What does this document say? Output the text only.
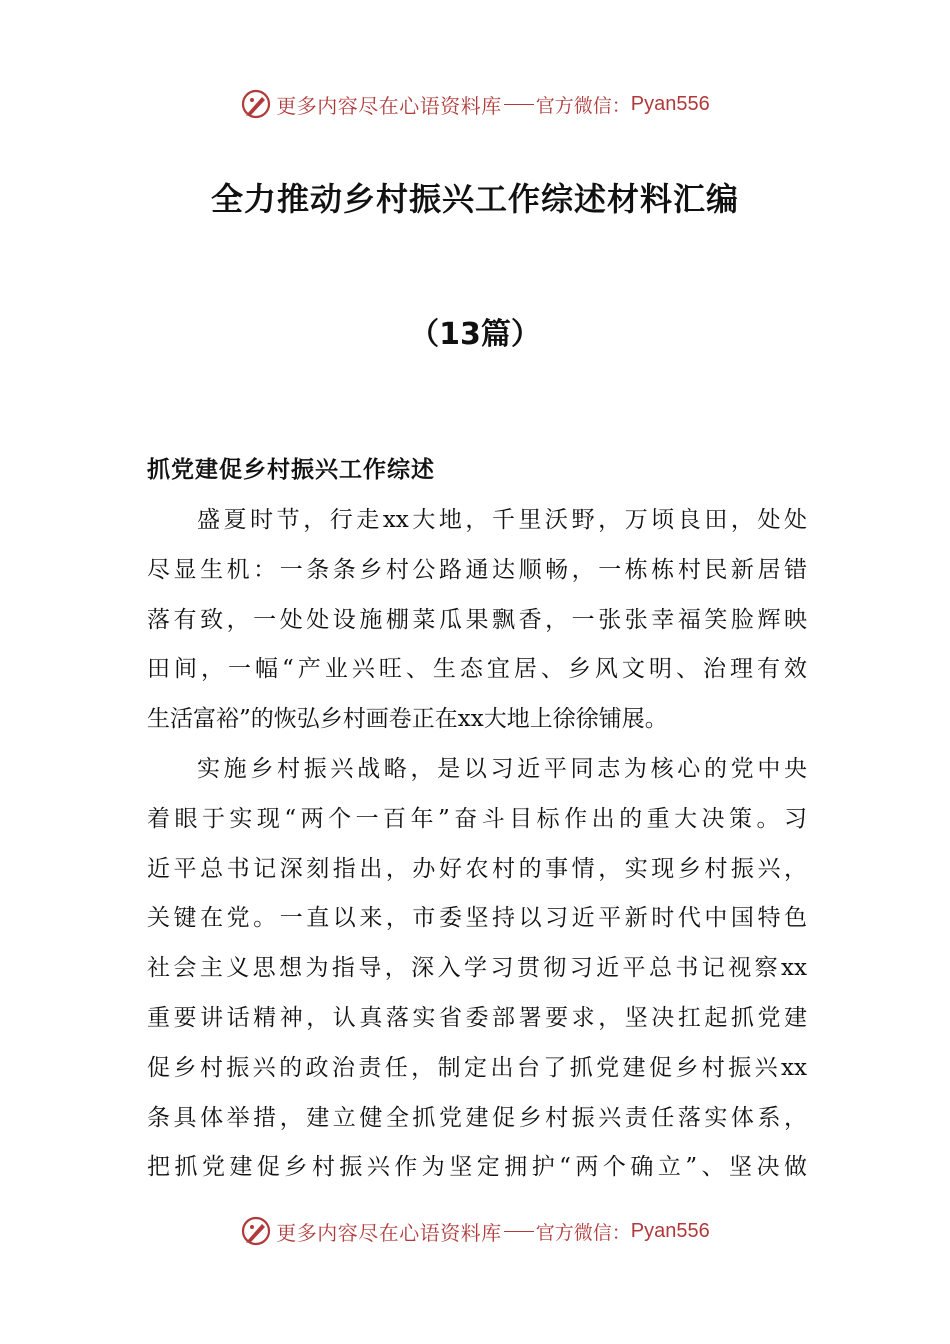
更多内容尽在心语资料库 官方微信： Pyan556
全力推动乡村振兴工作综述材料汇编
（13篇）
抓党建促乡村振兴工作综述
盛夏时节，行走xx大地，千里沃野，万顷良田，处处
尽显生机：一条条乡村公路通达顺畅，一栋栋村民新居错
落有致，一处处设施棚菜瓜果飘香，一张张幸福笑脸辉映
田间，一幅“产业兴旺、生态宜居、乡风文明、治理有效
生活富裕”的恢弘乡村画卷正在xx大地上徐徐铺展。
实施乡村振兴战略，是以习近平同志为核心的党中央
着眼于实现“两个一百年”奋斗目标作出的重大决策。习
近平总书记深刻指出，办好农村的事情，实现乡村振兴，
关键在党。一直以来，市委坚持以习近平新时代中国特色
社会主义思想为指导，深入学习贯彻习近平总书记视察xx
重要讲话精神，认真落实省委部署要求，坚决扛起抓党建
促乡村振兴的政治责任，制定出台了抓党建促乡村振兴xx
条具体举措，建立健全抓党建促乡村振兴责任落实体系，
把抓党建促乡村振兴作为坚定拥护“两个确立”、坚决做
更多内容尽在心语资料库 官方微信： Pyan556
